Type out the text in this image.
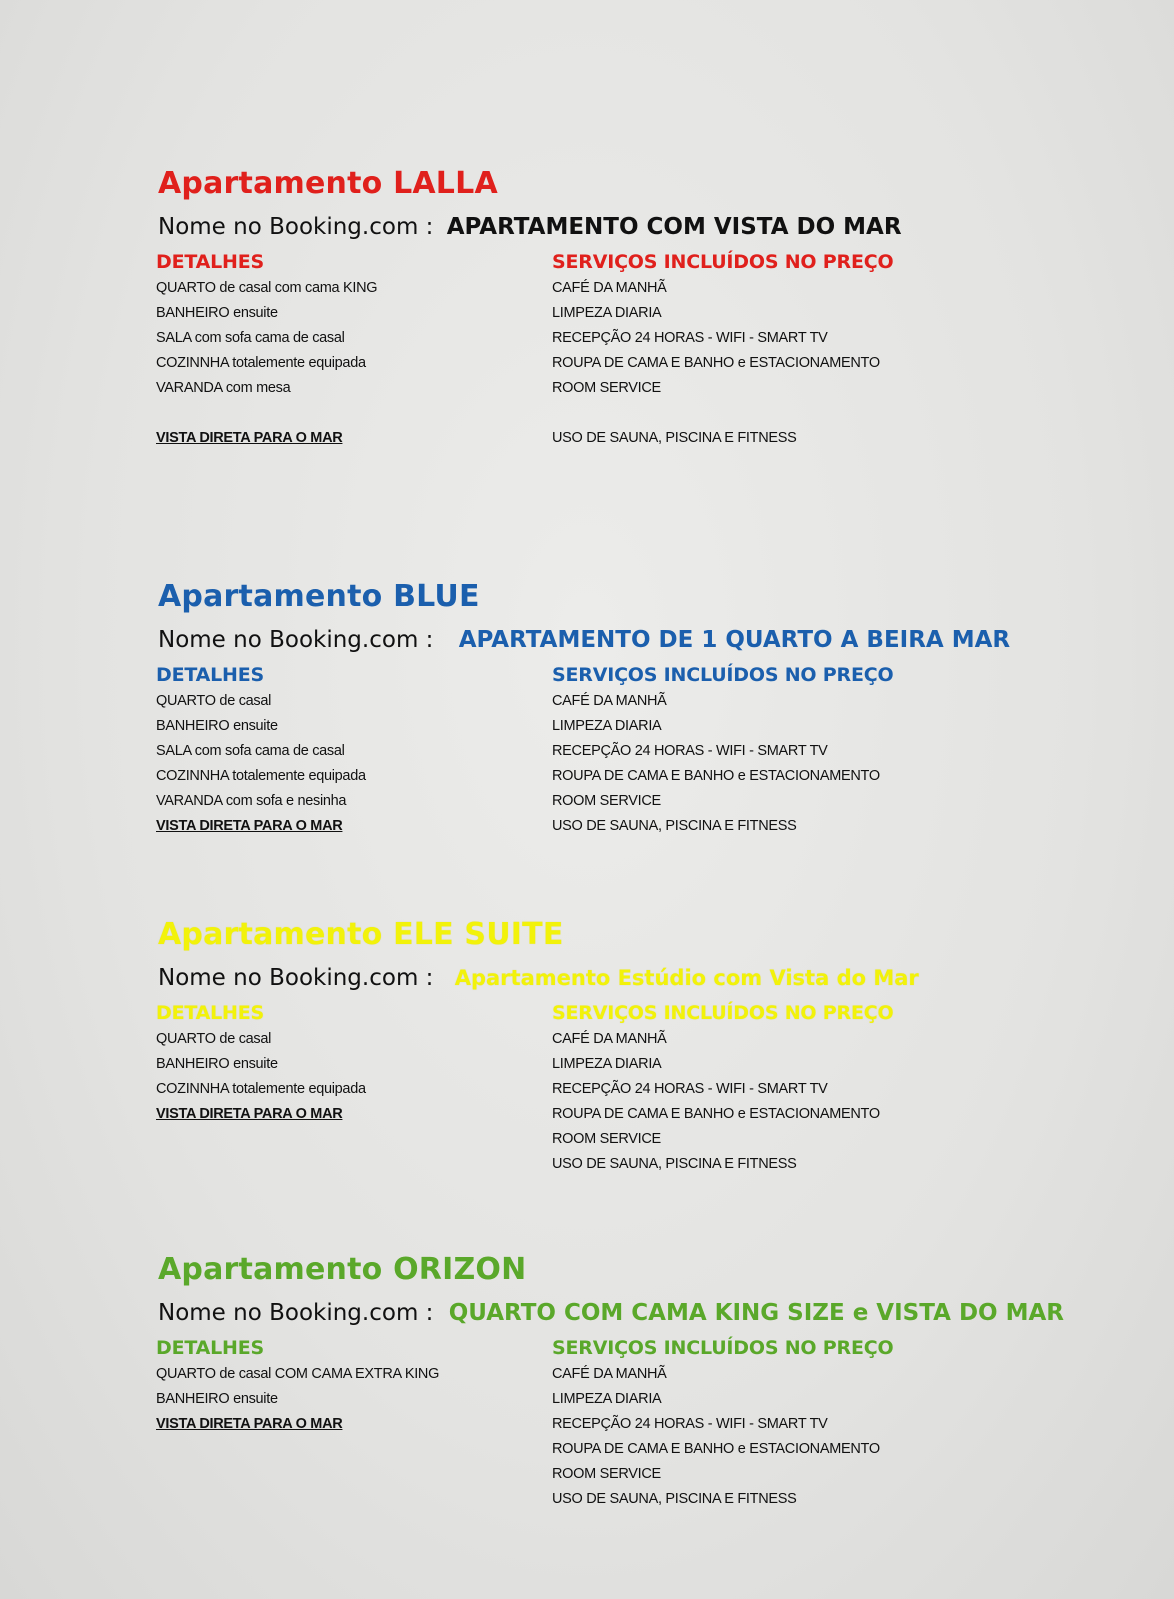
Apartamento LALLA
Nome no Booking.com : APARTAMENTO COM VISTA DO MAR
DETALHES
QUARTO de casal com cama KING
BANHEIRO ensuite
SALA com sofa cama de casal
COZINNHA totalemente equipada
VARANDA com mesa
VISTA DIRETA PARA O MAR
SERVIÇOS INCLUÍDOS NO PREÇO
CAFÉ DA MANHÃ
LIMPEZA DIARIA
RECEPÇÃO 24 HORAS - WIFI - SMART TV
ROUPA DE CAMA E BANHO e ESTACIONAMENTO
ROOM SERVICE
USO DE SAUNA, PISCINA E FITNESS
Apartamento BLUE
Nome no Booking.com : APARTAMENTO DE 1 QUARTO A BEIRA MAR
DETALHES
QUARTO de casal
BANHEIRO ensuite
SALA com sofa cama de casal
COZINNHA totalemente equipada
VARANDA com sofa e nesinha
VISTA DIRETA PARA O MAR
SERVIÇOS INCLUÍDOS NO PREÇO
CAFÉ DA MANHÃ
LIMPEZA DIARIA
RECEPÇÃO 24 HORAS - WIFI - SMART TV
ROUPA DE CAMA E BANHO e ESTACIONAMENTO
ROOM SERVICE
USO DE SAUNA, PISCINA E FITNESS
Apartamento ELE SUITE
Nome no Booking.com : Apartamento Estúdio com Vista do Mar
DETALHES
QUARTO de casal
BANHEIRO ensuite
COZINNHA totalemente equipada
VISTA DIRETA PARA O MAR
SERVIÇOS INCLUÍDOS NO PREÇO
CAFÉ DA MANHÃ
LIMPEZA DIARIA
RECEPÇÃO 24 HORAS - WIFI - SMART TV
ROUPA DE CAMA E BANHO e ESTACIONAMENTO
ROOM SERVICE
USO DE SAUNA, PISCINA E FITNESS
Apartamento ORIZON
Nome no Booking.com : QUARTO COM CAMA KING SIZE e VISTA DO MAR
DETALHES
QUARTO de casal COM CAMA EXTRA KING
BANHEIRO ensuite
VISTA DIRETA PARA O MAR
SERVIÇOS INCLUÍDOS NO PREÇO
CAFÉ DA MANHÃ
LIMPEZA DIARIA
RECEPÇÃO 24 HORAS - WIFI - SMART TV
ROUPA DE CAMA E BANHO e ESTACIONAMENTO
ROOM SERVICE
USO DE SAUNA, PISCINA E FITNESS
